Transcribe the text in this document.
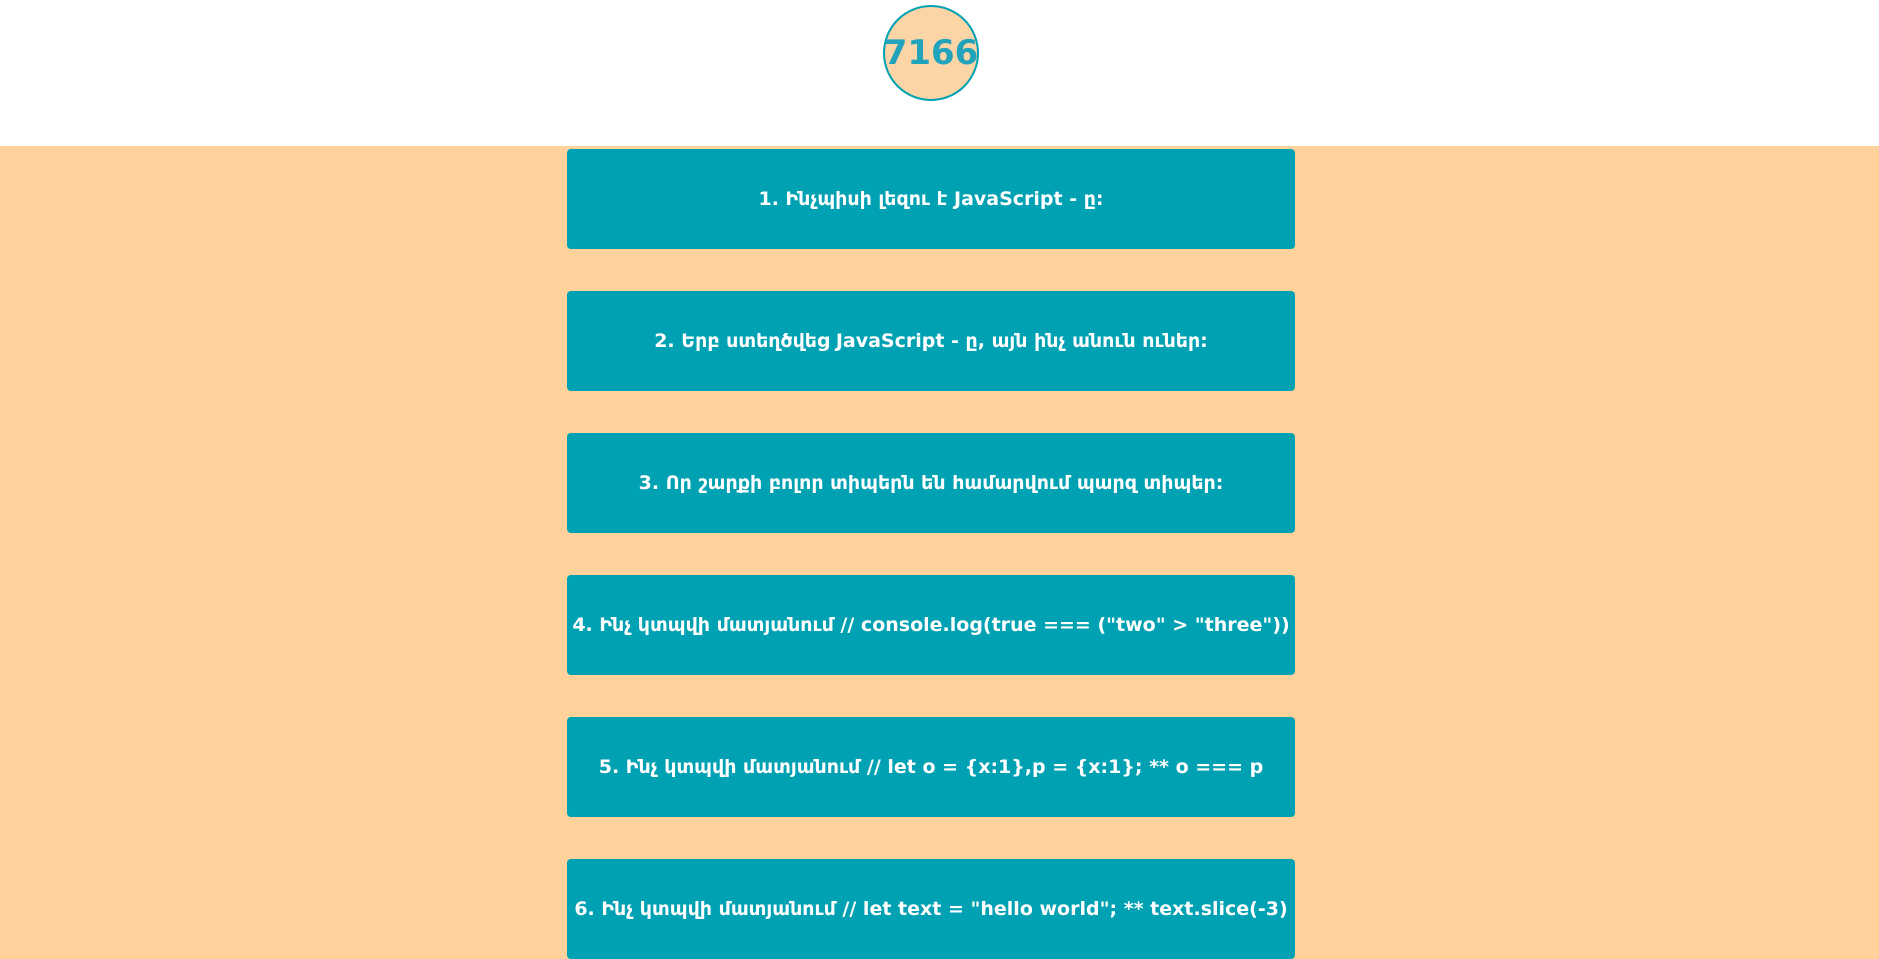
7166
1. Ինչպիսի լեզու է JavaScript - ը:
2. Երբ ստեղծվեց JavaScript - ը, այն ինչ անուն ուներ:
3. Որ շարքի բոլոր տիպերն են համարվում պարզ տիպեր:
4. Ինչ կտպվի մատյանում // console.log(true === ("two" > "three"))
5. Ինչ կտպվի մատյանում // let o = {x:1},p = {x:1}; ** o === p
6. Ինչ կտպվի մատյանում // let text = "hello world"; ** text.slice(-3)
